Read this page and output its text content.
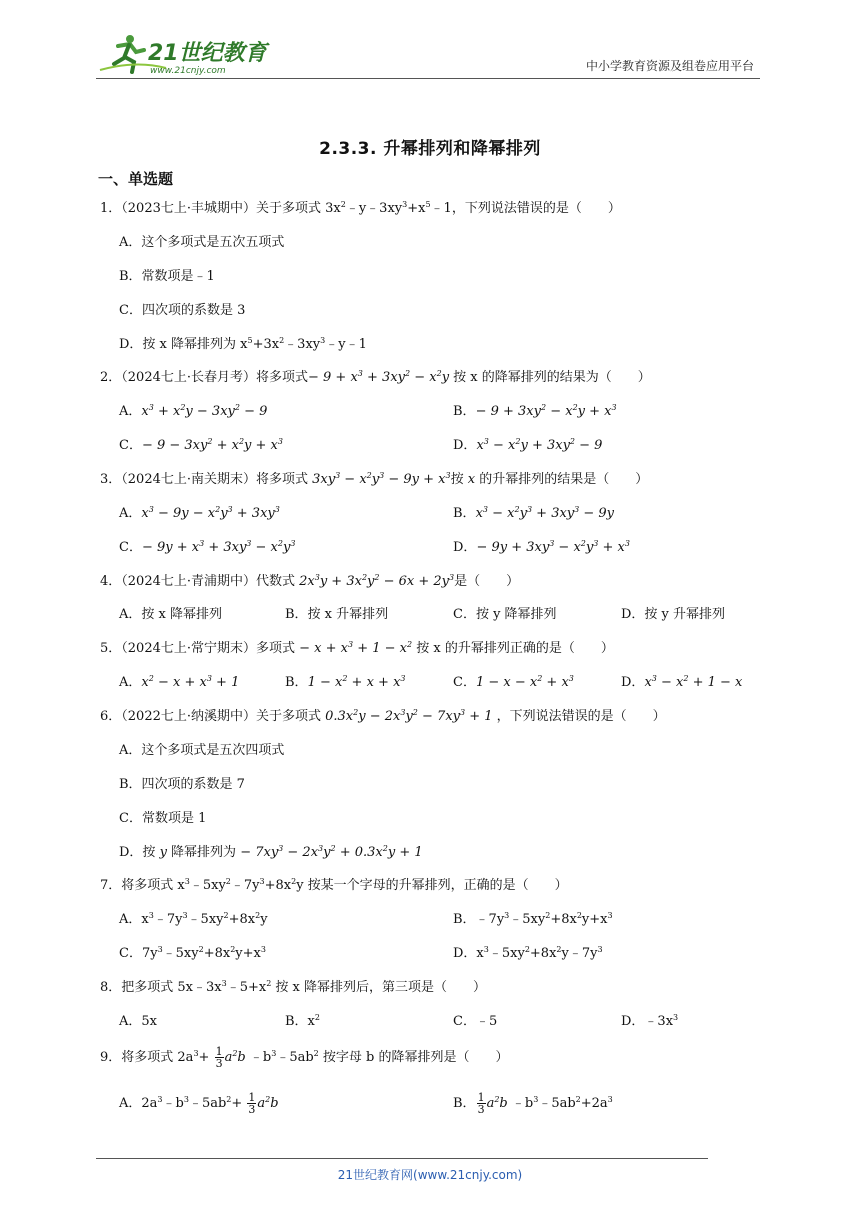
21世纪教育
www.21cnjy.com	中小学教育资源及组卷应用平台
2.3.3. 升幂排列和降幂排列
一、单选题
1．（2023七上·丰城期中）关于多项式 $3x^2﹣y﹣3xy^3+x^5﹣1$，下列说法错误的是（　　）
A．这个多项式是五次五项式
B．常数项是﹣1
C．四次项的系数是 3
D．按 x 降幂排列为 $x^5+3x^2﹣3xy^3﹣y﹣1$
2．（2024七上·长春月考）将多项式− $9 + x^3 + 3xy^2 - x^2y$ 按 x 的降幂排列的结果为（　　）
A．$x^3 + x^2y - 3xy^2 - 9$	B．− $9 + 3xy^2 - x^2y + x^3$
C．− $9 - 3xy^2 + x^2y + x^3$	D．$x^3 - x^2y + 3xy^2 - 9$
3．（2024七上·南关期末）将多项式 $3xy^3 - x^2y^3 - 9y + x^3$按 x 的升幂排列的结果是（　　）
A．$x^3 - 9y - x^2y^3 + 3xy^3$	B．$x^3 - x^2y^3 + 3xy^3 - 9y$
C．− $9y + x^3 + 3xy^3 - x^2y^3$	D．− $9y + 3xy^3 - x^2y^3 + x^3$
4．（2024七上·青浦期中）代数式 $2x^3y + 3x^2y^2 - 6x + 2y^3$是（　　）
A．按 x 降幂排列	B．按 x 升幂排列	C．按 y 降幂排列	D．按 y 升幂排列
5．（2024七上·常宁期末）多项式 − $x + x^3 + 1 - x^2$ 按 x 的升幂排列正确的是（　　）
A．$x^2 - x + x^3 + 1$	B．$1 - x^2 + x + x^3$	C．$1 - x - x^2 + x^3$	D．$x^3 - x^2 + 1 - x$
6．（2022七上·纳溪期中）关于多项式 $0.3x^2y - 2x^3y^2 - 7xy^3 + 1$ ，下列说法错误的是（　　）
A．这个多项式是五次四项式
B．四次项的系数是 7
C．常数项是 1
D．按 y 降幂排列为 − $7xy^3 - 2x^3y^2 + 0.3x^2y + 1$
7．将多项式 $x^3﹣5xy^2﹣7y^3+8x^2y$ 按某一个字母的升幂排列，正确的是（　　）
A．$x^3﹣7y^3﹣5xy^2+8x^2y$	B．$﹣7y^3﹣5xy^2+8x^2y+x^3$
C．$7y^3﹣5xy^2+8x^2y+x^3$	D．$x^3﹣5xy^2+8x^2y﹣7y^3$
8．把多项式 $5x﹣3x^3﹣5+x^2$ 按 x 降幂排列后，第三项是（　　）
A．5x	B．$x^2$	C．﹣5	D．$﹣3x^3$
9．将多项式 $2a^3+ \frac{1}{3} a^2b$ $﹣b^3﹣5ab^2$ 按字母 b 的降幂排列是（　　）
A．$2a^3﹣b^3﹣5ab^2+ \frac{1}{3} a^2b$	B． $\frac{1}{3} a^2b$ $﹣b^3﹣5ab^2+2a^3$
21世纪教育网(www.21cnjy.com)
